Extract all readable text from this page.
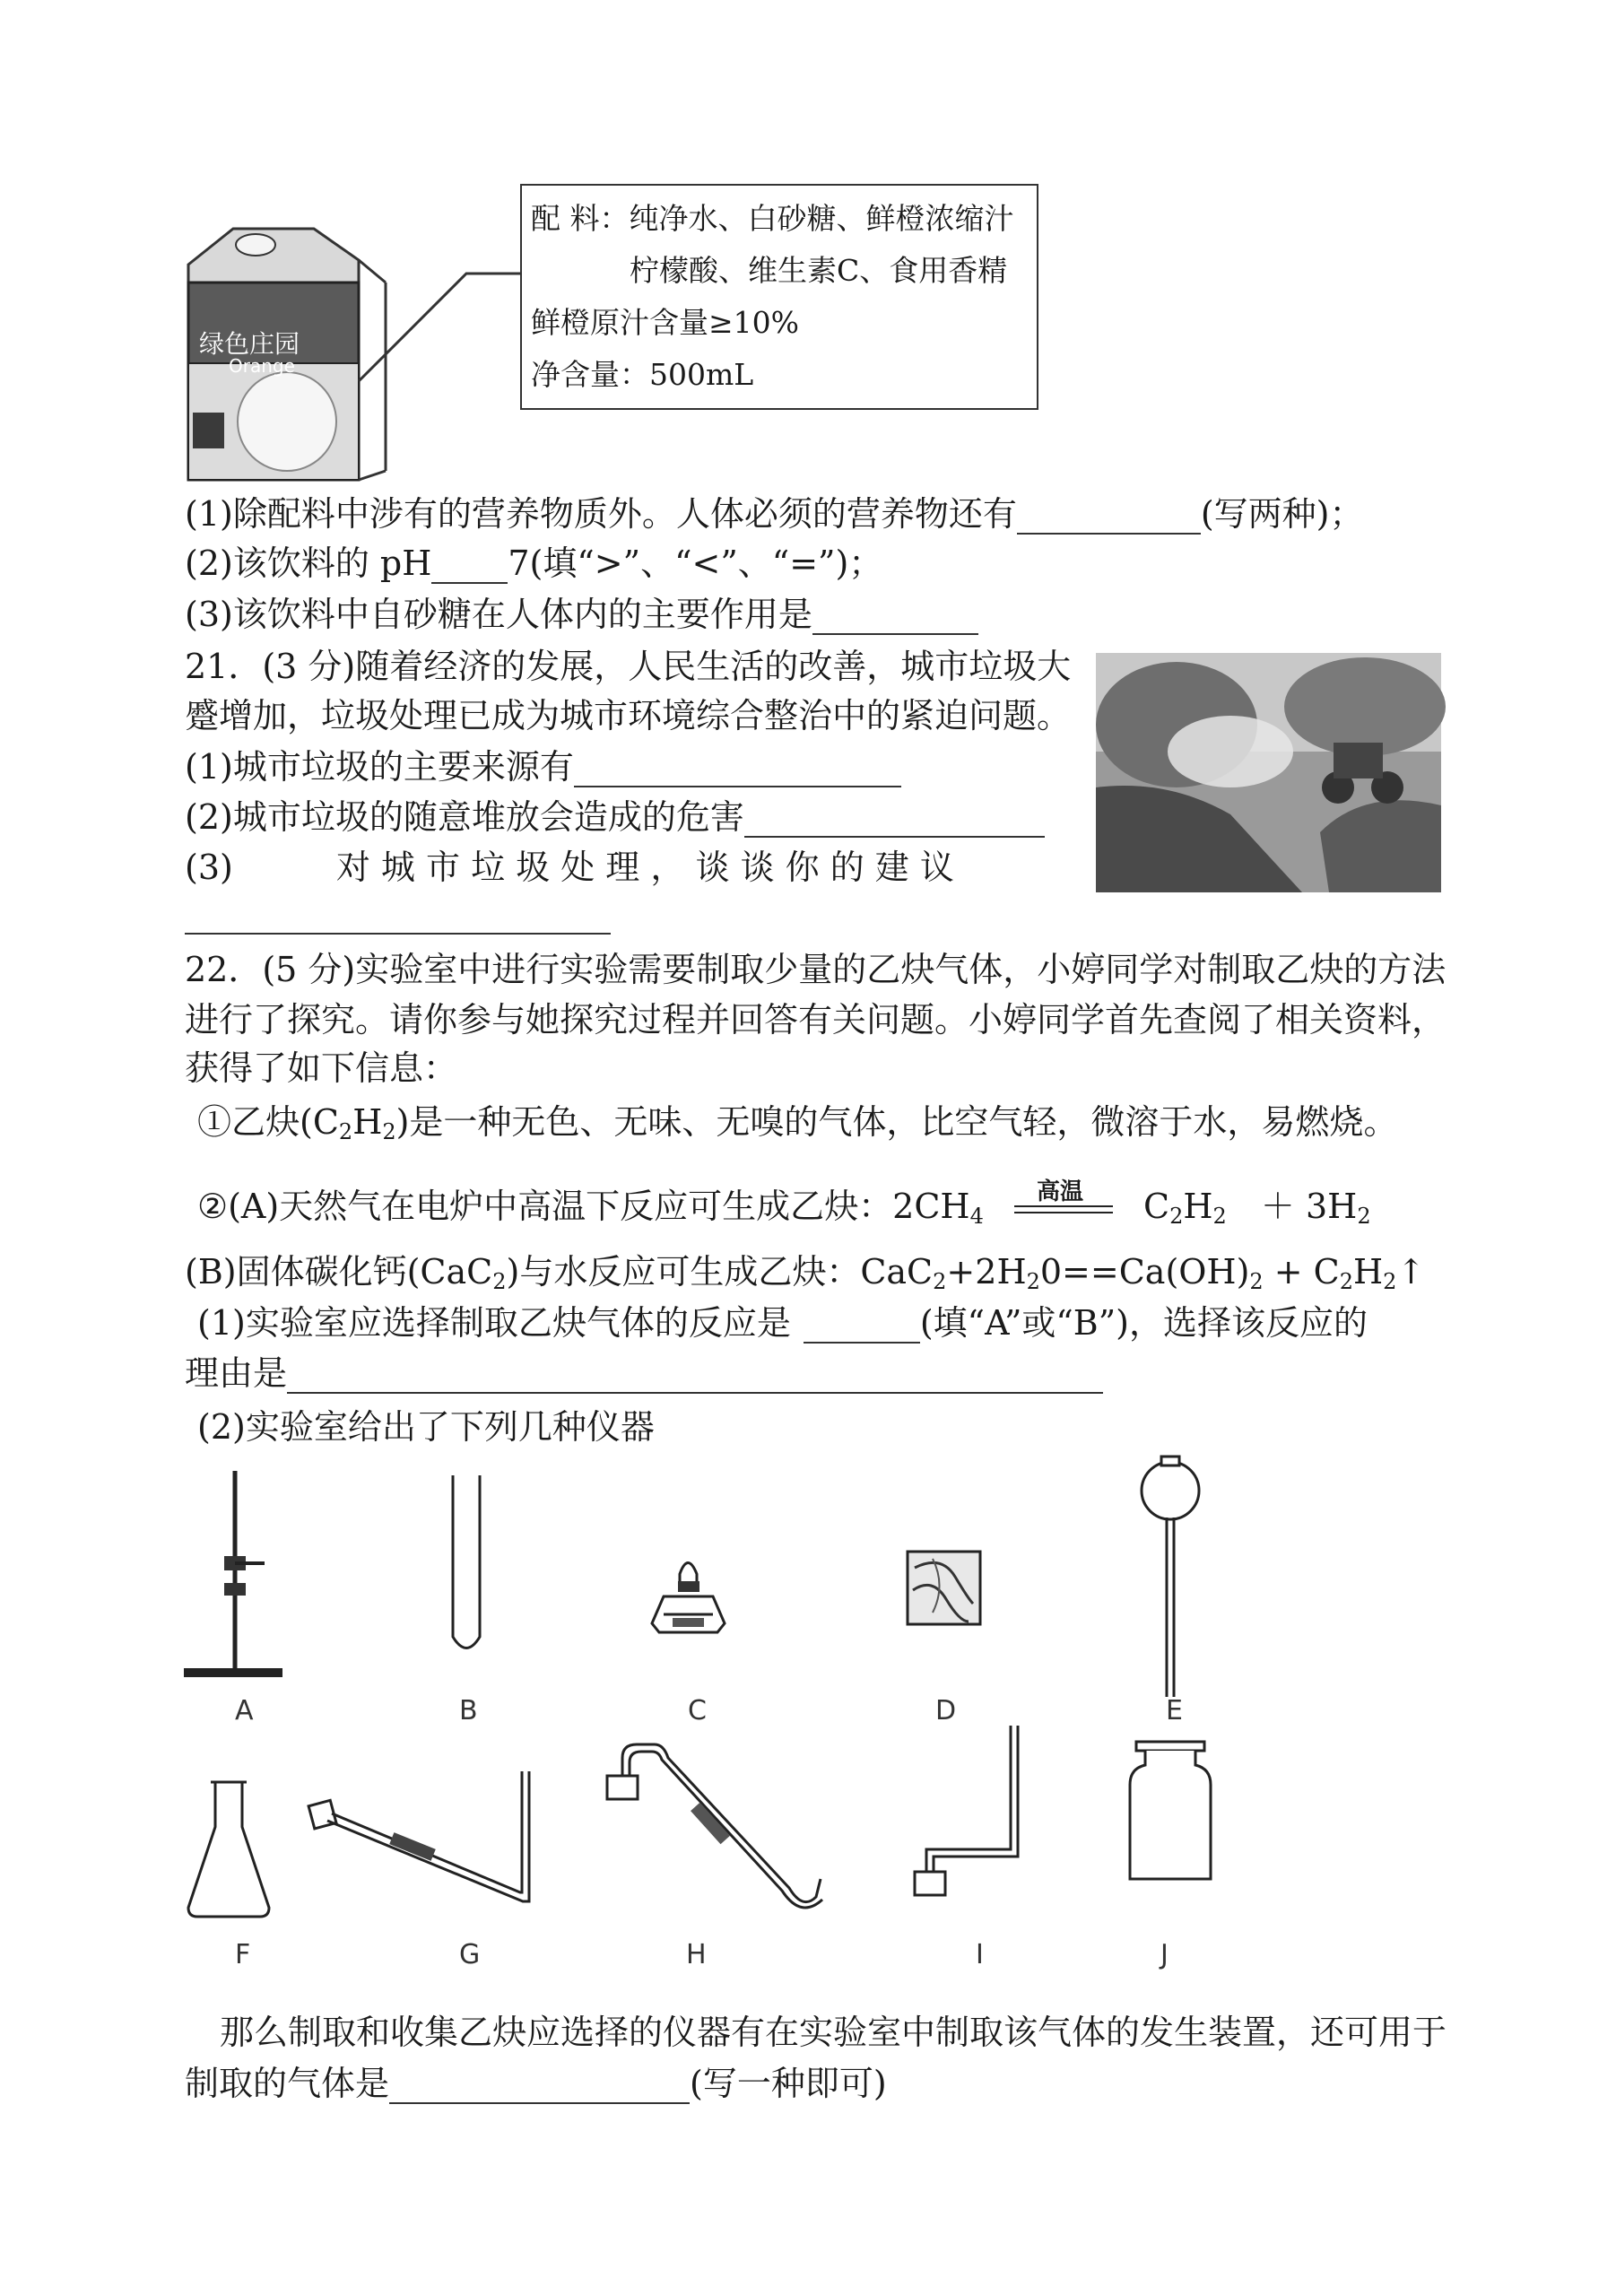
绿色庄园
Orange
配 料：纯净水、白砂糖、鲜橙浓缩汁
柠檬酸、维生素C、食用香精
鲜橙原汁含量≥10%
净含量：500mL
(1)除配料中涉有的营养物质外。人体必须的营养物还有	(写两种)；
(2)该饮料的 pH 7(填“>”、“<”、“=”)；
(3)该饮料中自砂糖在人体内的主要作用是
21．(3 分)随着经济的发展，人民生活的改善，城市垃圾大
蹙增加，垃圾处理已成为城市环境综合整治中的紧迫问题。
(1)城市垃圾的主要来源有
(2)城市垃圾的随意堆放会造成的危害
(3)	对 城 市 垃 圾 处 理 ， 谈 谈 你 的 建 议
22．(5 分)实验室中进行实验需要制取少量的乙炔气体，小婷同学对制取乙炔的方法
进行了探究。请你参与她探究过程并回答有关问题。小婷同学首先查阅了相关资料，
获得了如下信息：
①乙炔$(C_2H_2)$是一种无色、无味、无嗅的气体，比空气轻，微溶于水，易燃烧。
②(A)天然气在电炉中高温下反应可生成乙炔：$2CH_4$
高温 $C_2H_2 + 3H_2$
(B)固体碳化钙(CaC$_2$)与水反应可生成乙炔：$CaC_2+2H_20==Ca(OH)_2$ + $C_2H_2↑$
(1)实验室应选择制取乙炔气体的反应是	(填“A”或“B”)，选择该反应的
理由是
(2)实验室给出了下列几种仪器
A	B	C	D	E
F	G	H	I	J
那么制取和收集乙炔应选择的仪器有在实验室中制取该气体的发生装置，还可用于
制取的气体是	(写一种即可)
